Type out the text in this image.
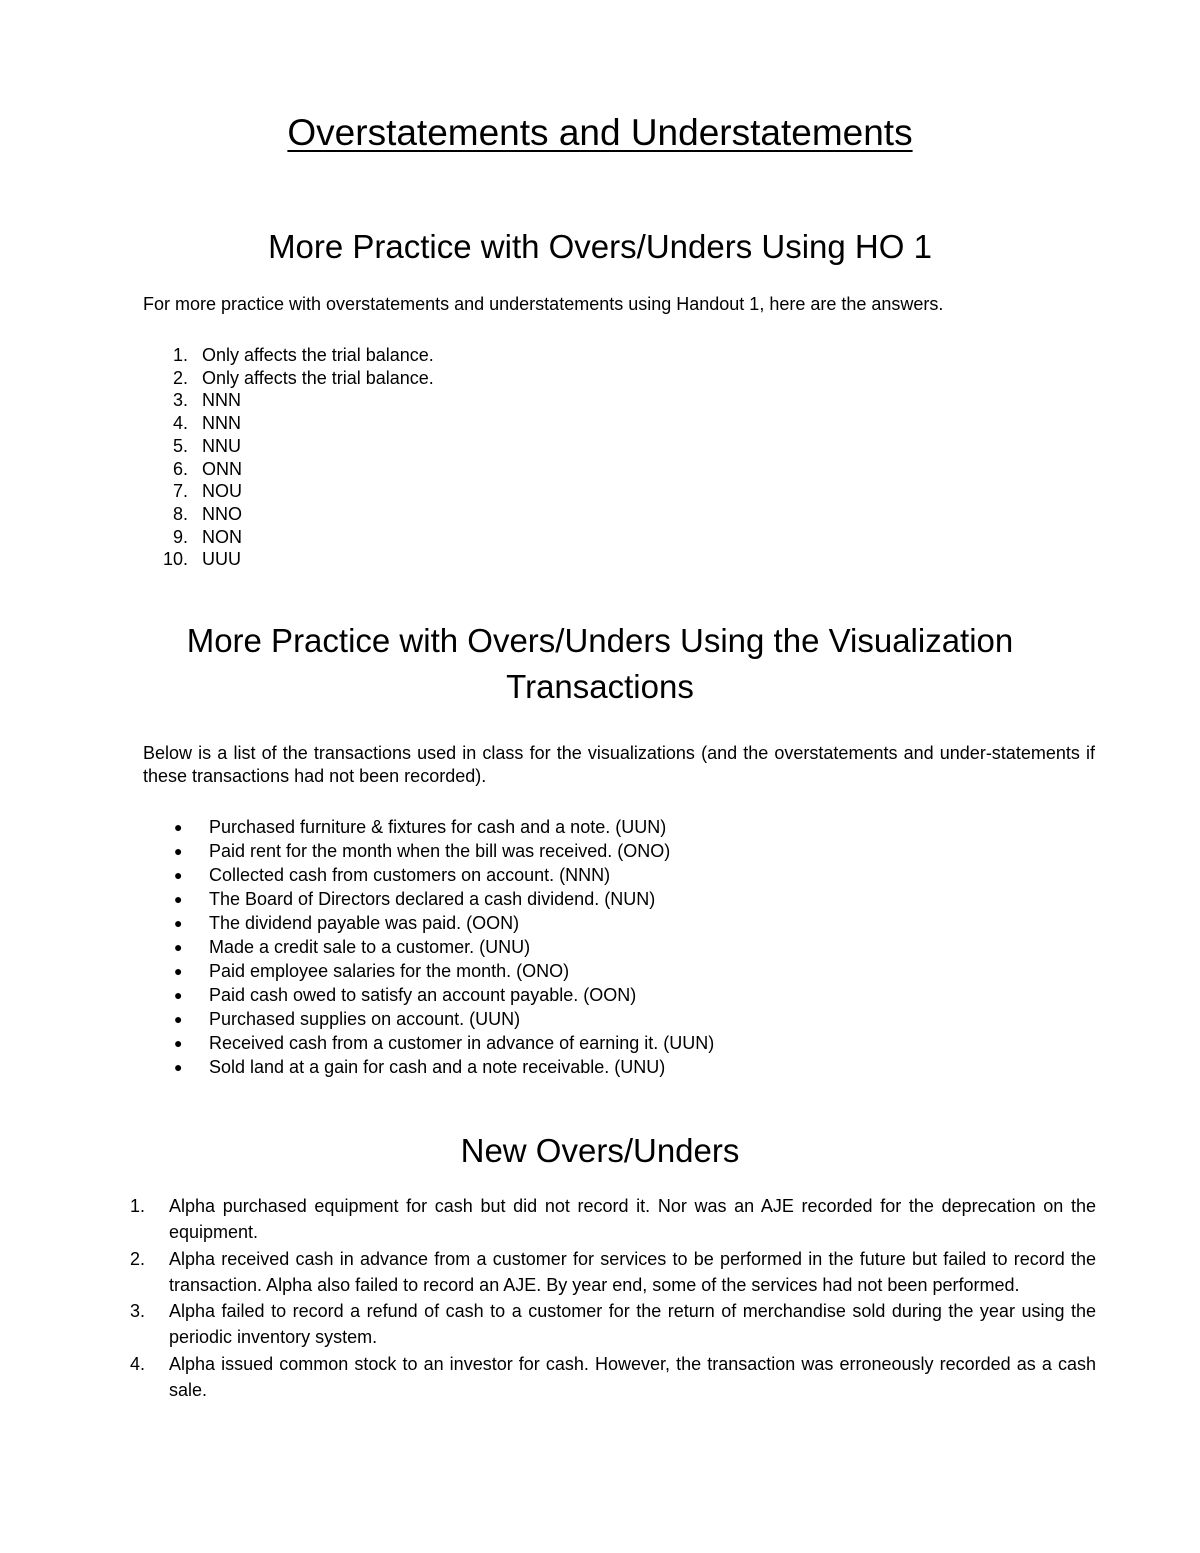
Overstatements and Understatements
More Practice with Overs/Unders Using HO 1

For more practice with overstatements and understatements using Handout 1, here are the answers.

1. Only affects the trial balance.
2. Only affects the trial balance.
3. NNN
4. NNN
5. NNU
6. ONN
7. NOU
8. NNO
9. NON
10. UUU
More Practice with Overs/Unders Using the Visualization
Transactions

Below is a list of the transactions used in class for the visualizations (and the overstatements and under-statements if these transactions had not been recorded).

● Purchased furniture & fixtures for cash and a note. (UUN)
● Paid rent for the month when the bill was received. (ONO)
● Collected cash from customers on account. (NNN)
● The Board of Directors declared a cash dividend. (NUN)
● The dividend payable was paid. (OON)
● Made a credit sale to a customer. (UNU)
● Paid employee salaries for the month. (ONO)
● Paid cash owed to satisfy an account payable. (OON)
● Purchased supplies on account. (UUN)
● Received cash from a customer in advance of earning it. (UUN)
● Sold land at a gain for cash and a note receivable. (UNU)
New Overs/Unders
1. Alpha purchased equipment for cash but did not record it. Nor was an AJE recorded for the deprecation on the equipment.
2. Alpha received cash in advance from a customer for services to be performed in the future but failed to record the transaction. Alpha also failed to record an AJE. By year end, some of the services had not been performed.
3. Alpha failed to record a refund of cash to a customer for the return of merchandise sold during the year using the periodic inventory system.
4. Alpha issued common stock to an investor for cash. However, the transaction was erroneously recorded as a cash sale.
